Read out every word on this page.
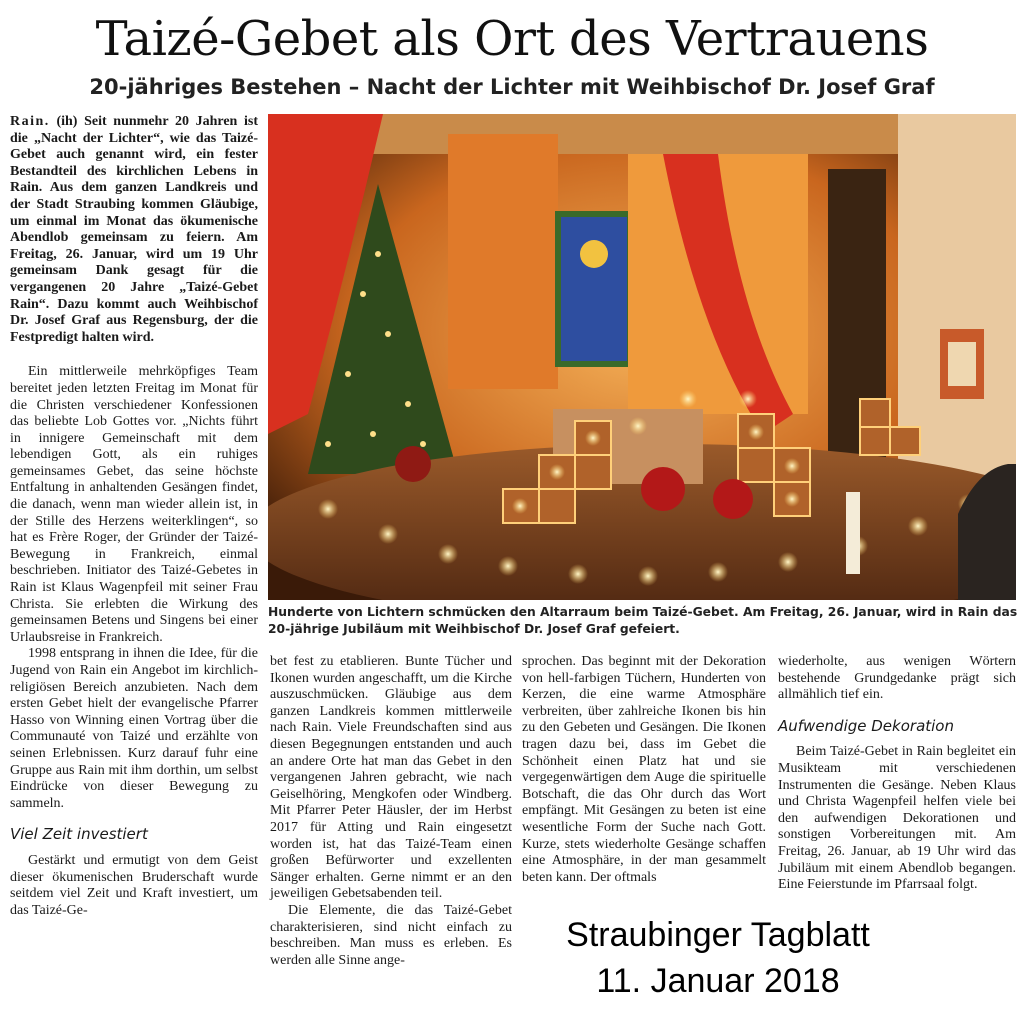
Taizé-Gebet als Ort des Vertrauens
20-jähriges Bestehen – Nacht der Lichter mit Weihbischof Dr. Josef Graf

Rain. (ih) Seit nunmehr 20 Jahren ist die „Nacht der Lichter“, wie das Taizé-Gebet auch genannt wird, ein fester Bestandteil des kirchlichen Lebens in Rain. Aus dem ganzen Landkreis und der Stadt Straubing kommen Gläubige, um einmal im Monat das ökumenische Abendlob gemeinsam zu feiern. Am Freitag, 26. Januar, wird um 19 Uhr gemeinsam Dank gesagt für die vergangenen 20 Jahre „Taizé-Gebet Rain“. Dazu kommt auch Weihbischof Dr. Josef Graf aus Regensburg, der die Festpredigt halten wird.

Ein mittlerweile mehrköpfiges Team bereitet jeden letzten Freitag im Monat für die Christen verschiedener Konfessionen das beliebte Lob Gottes vor. „Nichts führt in innigere Gemeinschaft mit dem lebendigen Gott, als ein ruhiges gemeinsames Gebet, das seine höchste Entfaltung in anhaltenden Gesängen findet, die danach, wenn man wieder allein ist, in der Stille des Herzens weiterklingen“, so hat es Frère Roger, der Gründer der Taizé-Bewegung in Frankreich, einmal beschrieben. Initiator des Taizé-Gebetes in Rain ist Klaus Wagenpfeil mit seiner Frau Christa. Sie erlebten die Wirkung des gemeinsamen Betens und Singens bei einer Urlaubsreise in Frankreich.

1998 entsprang in ihnen die Idee, für die Jugend von Rain ein Angebot im kirchlich-religiösen Bereich anzubieten. Nach dem ersten Gebet hielt der evangelische Pfarrer Hasso von Winning einen Vortrag über die Communauté von Taizé und erzählte von seinen Erlebnissen. Kurz darauf fuhr eine Gruppe aus Rain mit ihm dorthin, um selbst Eindrücke von dieser Bewegung zu sammeln.

Viel Zeit investiert

Gestärkt und ermutigt von dem Geist dieser ökumenischen Bruderschaft wurde seitdem viel Zeit und Kraft investiert, um das Taizé-Ge-

Hunderte von Lichtern schmücken den Altarraum beim Taizé-Gebet. Am Freitag, 26. Januar, wird in Rain das 20-jährige Jubiläum mit Weihbischof Dr. Josef Graf gefeiert.

bet fest zu etablieren. Bunte Tücher und Ikonen wurden angeschafft, um die Kirche auszuschmücken. Gläubige aus dem ganzen Landkreis kommen mittlerweile nach Rain. Viele Freundschaften sind aus diesen Begegnungen entstanden und auch an andere Orte hat man das Gebet in den vergangenen Jahren gebracht, wie nach Geiselhöring, Mengkofen oder Windberg. Mit Pfarrer Peter Häusler, der im Herbst 2017 für Atting und Rain eingesetzt worden ist, hat das Taizé-Team einen großen Befürworter und exzellenten Sänger erhalten. Gerne nimmt er an den jeweiligen Gebetsabenden teil.

Die Elemente, die das Taizé-Gebet charakterisieren, sind nicht einfach zu beschreiben. Man muss es erleben. Es werden alle Sinne ange-

sprochen. Das beginnt mit der Dekoration von hell-farbigen Tüchern, Hunderten von Kerzen, die eine warme Atmosphäre verbreiten, über zahlreiche Ikonen bis hin zu den Gebeten und Gesängen. Die Ikonen tragen dazu bei, dass im Gebet die Schönheit einen Platz hat und sie vergegenwärtigen dem Auge die spirituelle Botschaft, die das Ohr durch das Wort empfängt. Mit Gesängen zu beten ist eine wesentliche Form der Suche nach Gott. Kurze, stets wiederholte Gesänge schaffen eine Atmosphäre, in der man gesammelt beten kann. Der oftmals

wiederholte, aus wenigen Wörtern bestehende Grundgedanke prägt sich allmählich tief ein.

Aufwendige Dekoration

Beim Taizé-Gebet in Rain begleitet ein Musikteam mit verschiedenen Instrumenten die Gesänge. Neben Klaus und Christa Wagenpfeil helfen viele bei den aufwendigen Dekorationen und sonstigen Vorbereitungen mit. Am Freitag, 26. Januar, ab 19 Uhr wird das Jubiläum mit einem Abendlob begangen. Eine Feierstunde im Pfarrsaal folgt.

Straubinger Tagblatt
11. Januar 2018
